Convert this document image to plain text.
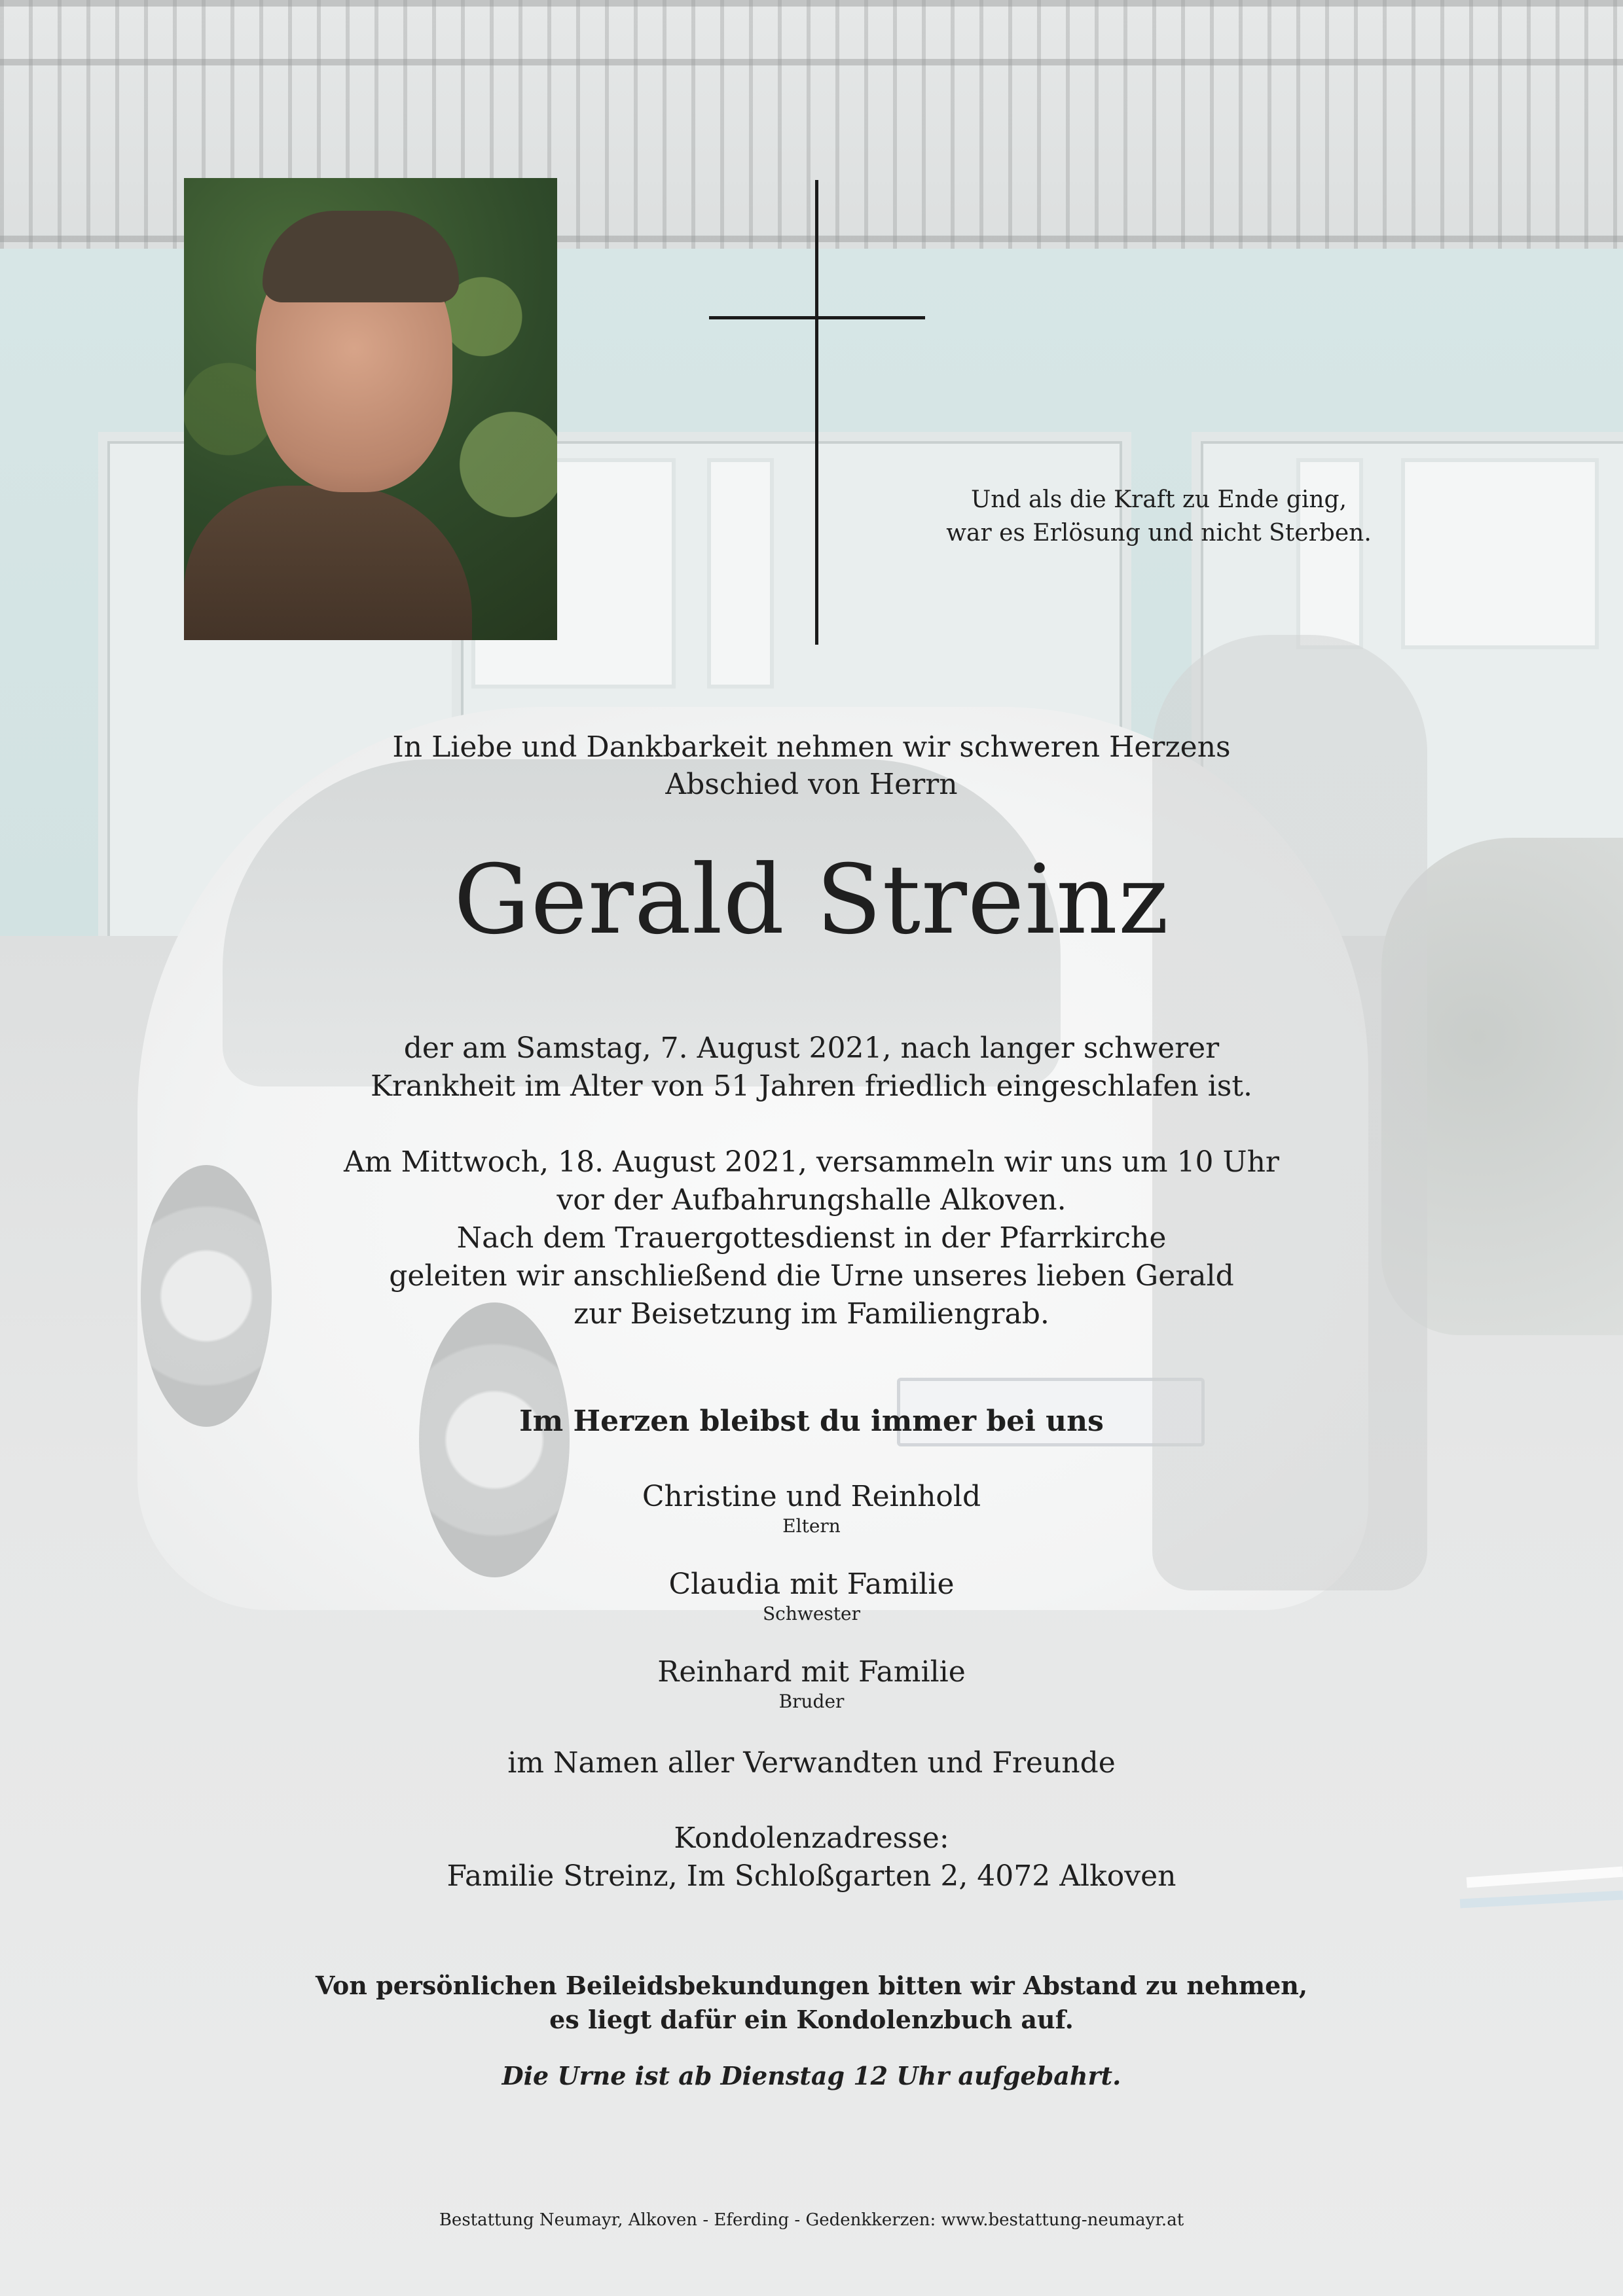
Und als die Kraft zu Ende ging,
war es Erlösung und nicht Sterben.
In Liebe und Dankbarkeit nehmen wir schweren Herzens
Abschied von Herrn
Gerald Streinz
der am Samstag, 7. August 2021, nach langer schwerer
Krankheit im Alter von 51 Jahren friedlich eingeschlafen ist.
Am Mittwoch, 18. August 2021, versammeln wir uns um 10 Uhr
vor der Aufbahrungshalle Alkoven.
Nach dem Trauergottesdienst in der Pfarrkirche
geleiten wir anschließend die Urne unseres lieben Gerald
zur Beisetzung im Familiengrab.
Im Herzen bleibst du immer bei uns
Christine und Reinhold
Eltern
Claudia mit Familie
Schwester
Reinhard mit Familie
Bruder
im Namen aller Verwandten und Freunde
Kondolenzadresse:
Familie Streinz, Im Schloßgarten 2, 4072 Alkoven
Von persönlichen Beileidsbekundungen bitten wir Abstand zu nehmen,
es liegt dafür ein Kondolenzbuch auf.
Die Urne ist ab Dienstag 12 Uhr aufgebahrt.
Bestattung Neumayr, Alkoven - Eferding - Gedenkkerzen: www.bestattung-neumayr.at
